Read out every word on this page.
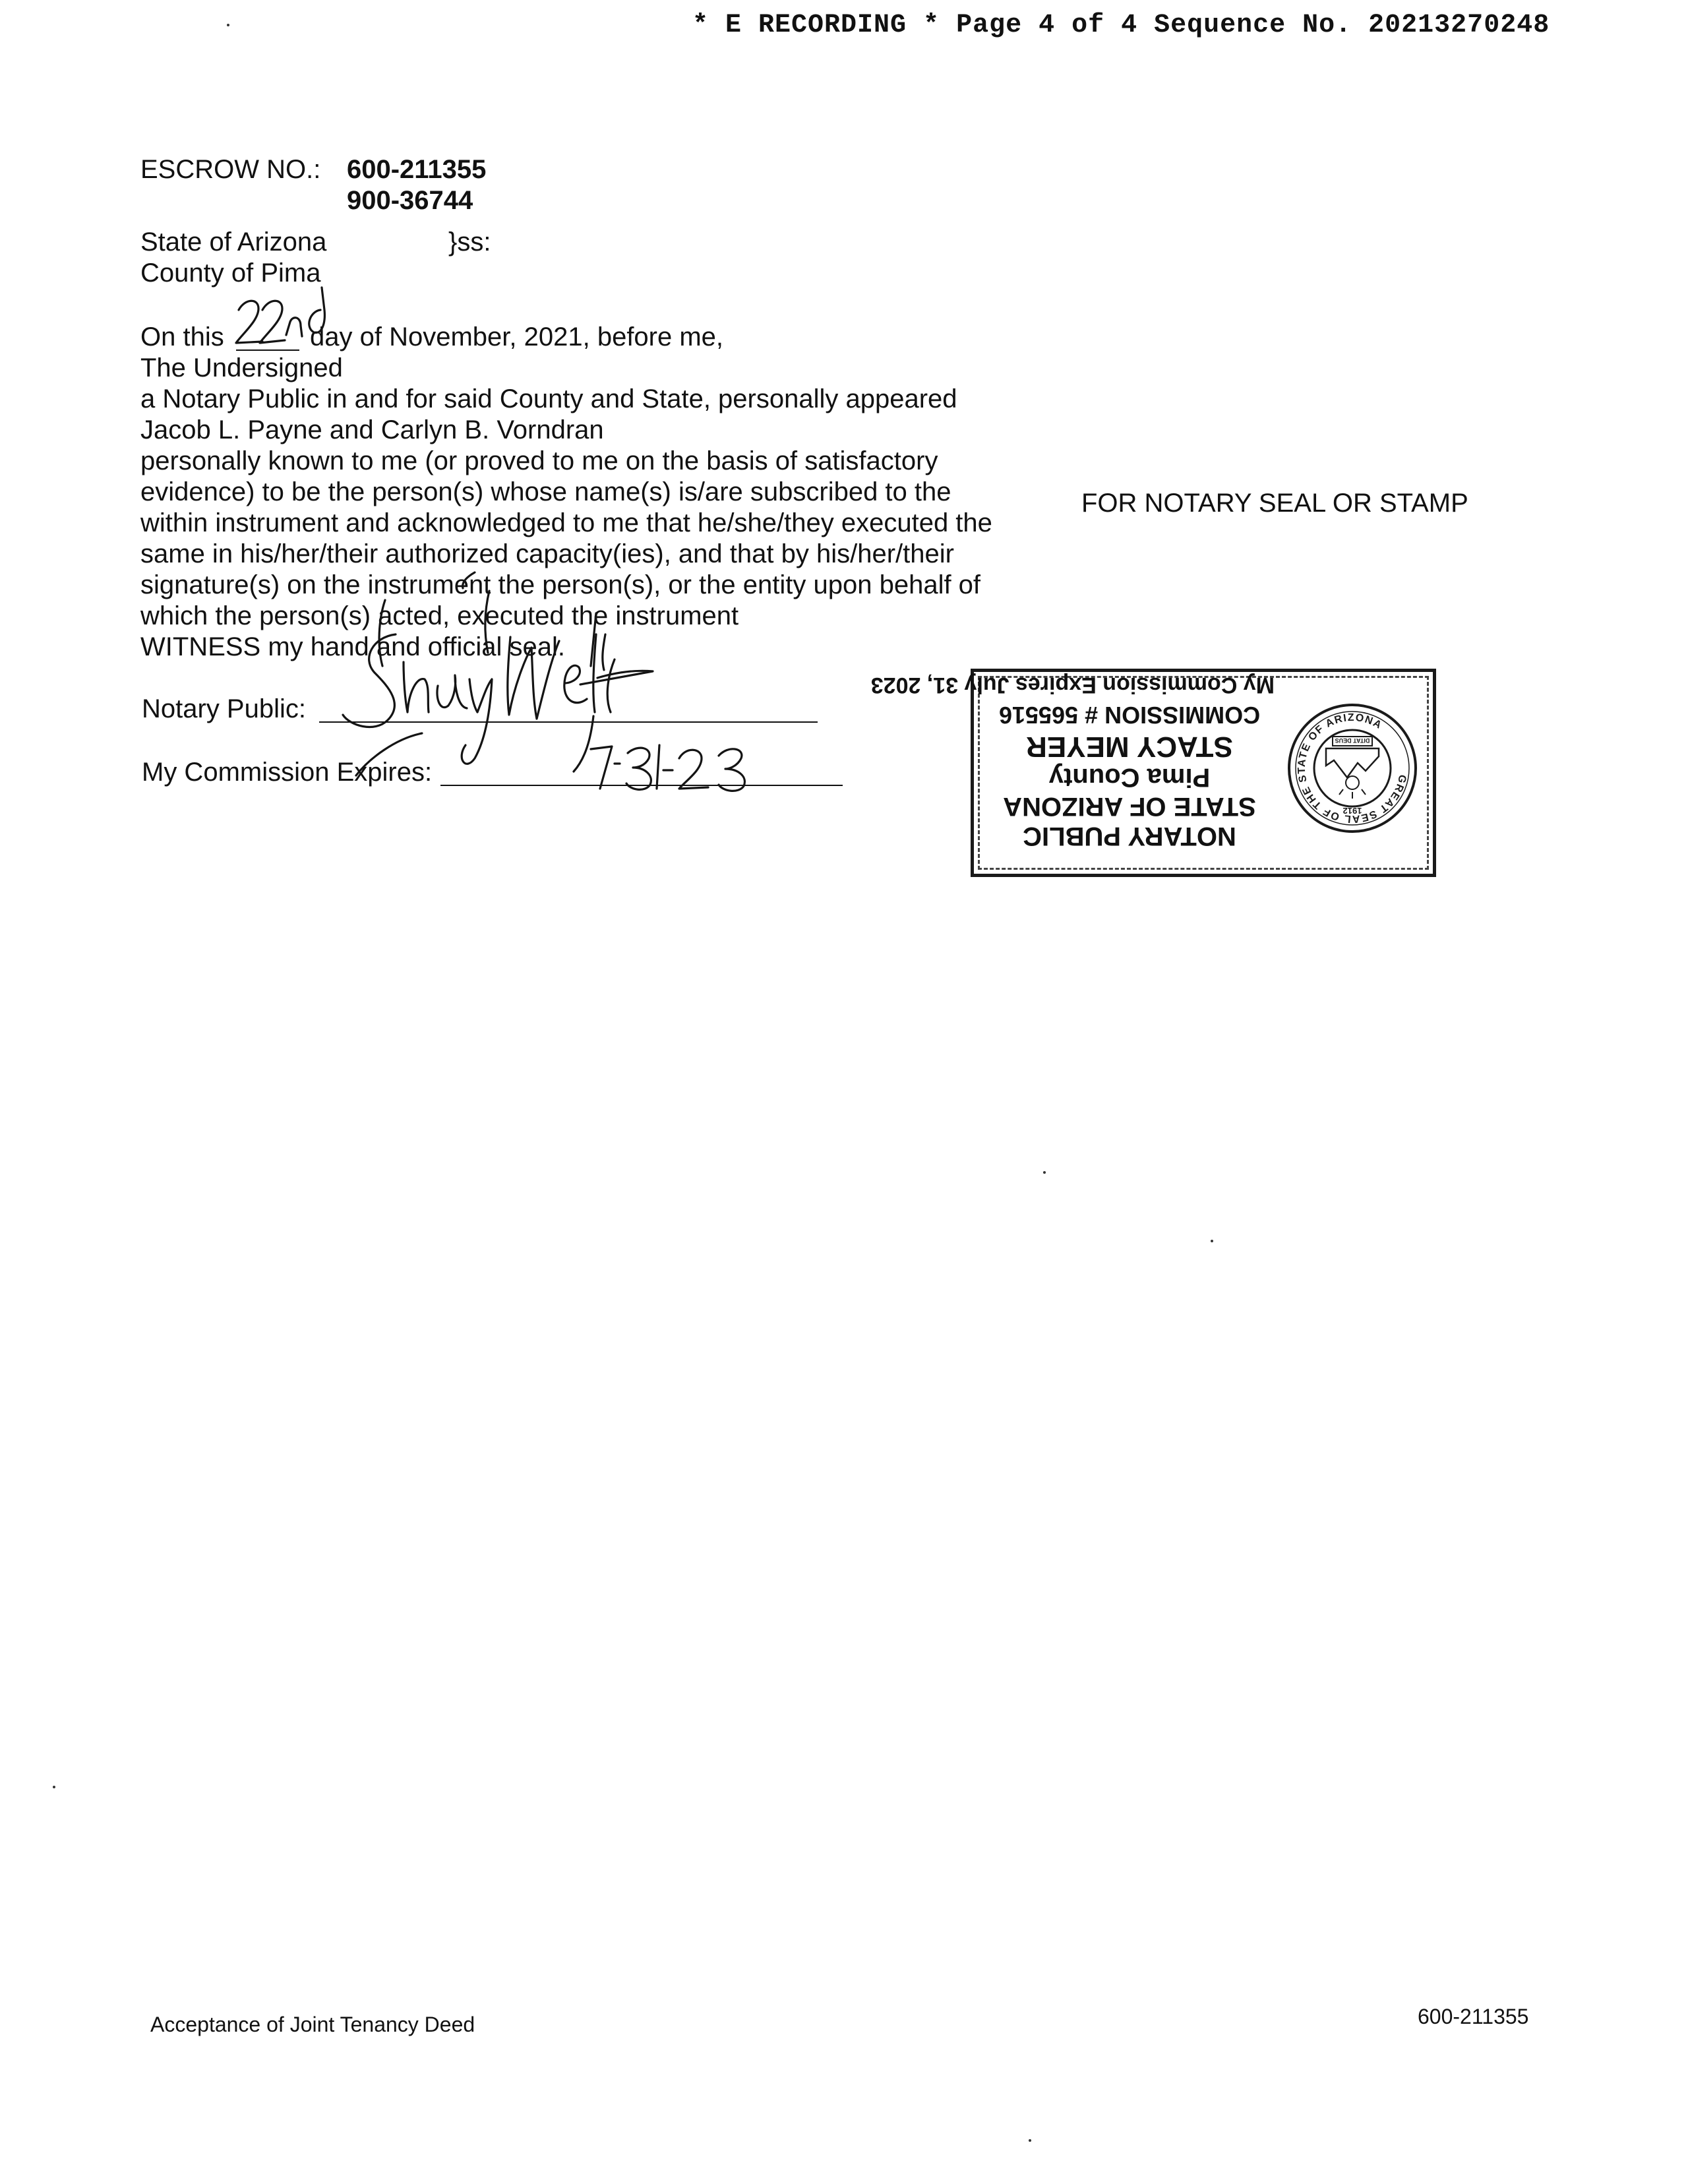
* E RECORDING * Page 4 of 4 Sequence No. 20213270248
ESCROW NO.: 600-211355
900-36744
State of Arizona	}ss:
County of Pima
On this	day of November, 2021, before me,
The Undersigned
a Notary Public in and for said County and State, personally appeared
Jacob L. Payne and Carlyn B. Vorndran
personally known to me (or proved to me on the basis of satisfactory
evidence) to be the person(s) whose name(s) is/are subscribed to the
within instrument and acknowledged to me that he/she/they executed the
same in his/her/their authorized capacity(ies), and that by his/her/their
signature(s) on the instrument the person(s), or the entity upon behalf of
which the person(s) acted, executed the instrument
WITNESS my hand and official seal.
FOR NOTARY SEAL OR STAMP
Notary Public:
My Commission Expires:	GREAT SEAL OF THE STATE OF ARIZONA
1912
DITAT DEUS
NOTARY PUBLIC
STATE OF ARIZONA
Pima County
STACY MEYER
COMMISSION # 565516
My Commission Expires July 31, 2023
Acceptance of Joint Tenancy Deed	600-211355
